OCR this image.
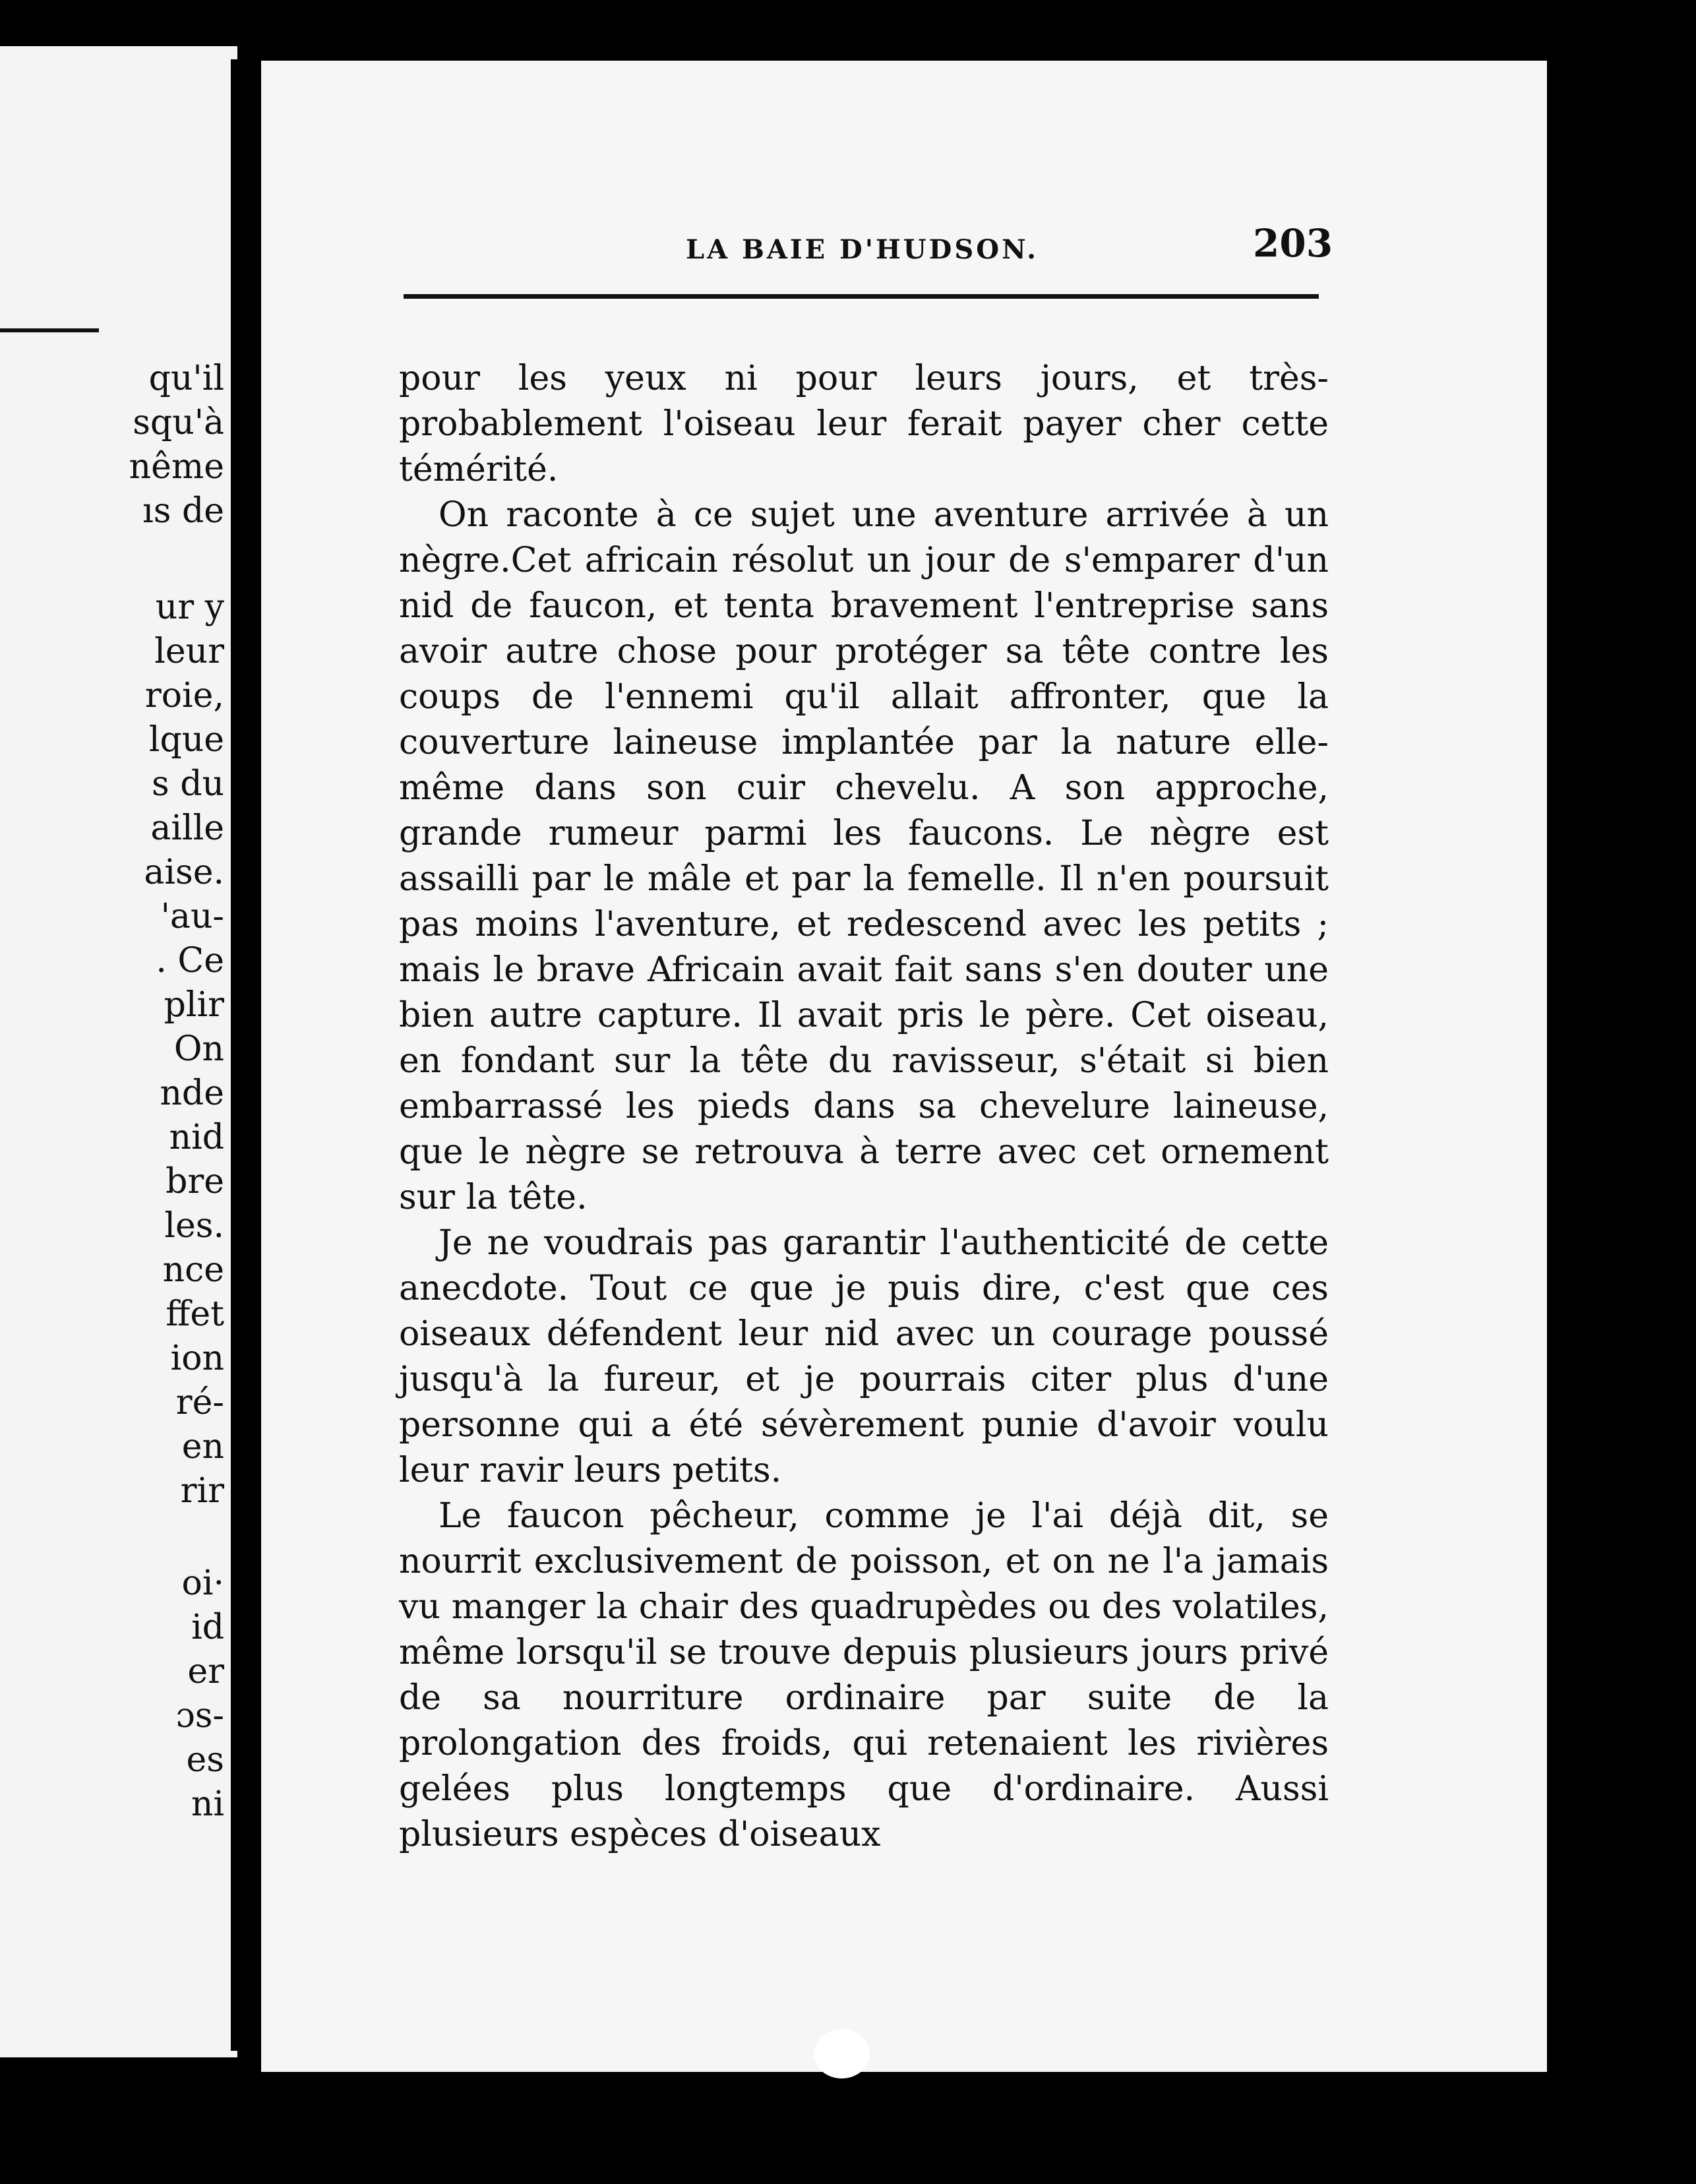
qu'il
squ'à
nême
ıs de
ur y
leur
roie,
lque
s du
aille
aise.
'au-
. Ce
plir
On
nde
nid
bre
les.
nce
ffet
ion
ré-
en
rir
oi·
id
er
ɔs-
es
ni
LA BAIE D'HUDSON.	203

pour les yeux ni pour leurs jours, et très-probablement l'oiseau leur ferait payer cher cette témérité.

On raconte à ce sujet une aventure arrivée à un nègre.Cet africain résolut un jour de s'emparer d'un nid de faucon, et tenta bravement l'entreprise sans avoir autre chose pour protéger sa tête contre les coups de l'ennemi qu'il allait affronter, que la couverture laineuse implantée par la nature elle-même dans son cuir chevelu. A son approche, grande rumeur parmi les faucons. Le nègre est assailli par le mâle et par la femelle. Il n'en poursuit pas moins l'aventure, et redescend avec les petits ; mais le brave Africain avait fait sans s'en douter une bien autre capture. Il avait pris le père. Cet oiseau, en fondant sur la tête du ravisseur, s'était si bien embarrassé les pieds dans sa chevelure laineuse, que le nègre se retrouva à terre avec cet ornement sur la tête.

Je ne voudrais pas garantir l'authenticité de cette anecdote. Tout ce que je puis dire, c'est que ces oiseaux défendent leur nid avec un courage poussé jusqu'à la fureur, et je pourrais citer plus d'une personne qui a été sévèrement punie d'avoir voulu leur ravir leurs petits.

Le faucon pêcheur, comme je l'ai déjà dit, se nourrit exclusivement de poisson, et on ne l'a jamais vu manger la chair des quadrupèdes ou des volatiles, même lorsqu'il se trouve depuis plusieurs jours privé de sa nourriture ordinaire par suite de la prolongation des froids, qui retenaient les rivières gelées plus longtemps que d'ordinaire. Aussi plusieurs espèces d'oiseaux
